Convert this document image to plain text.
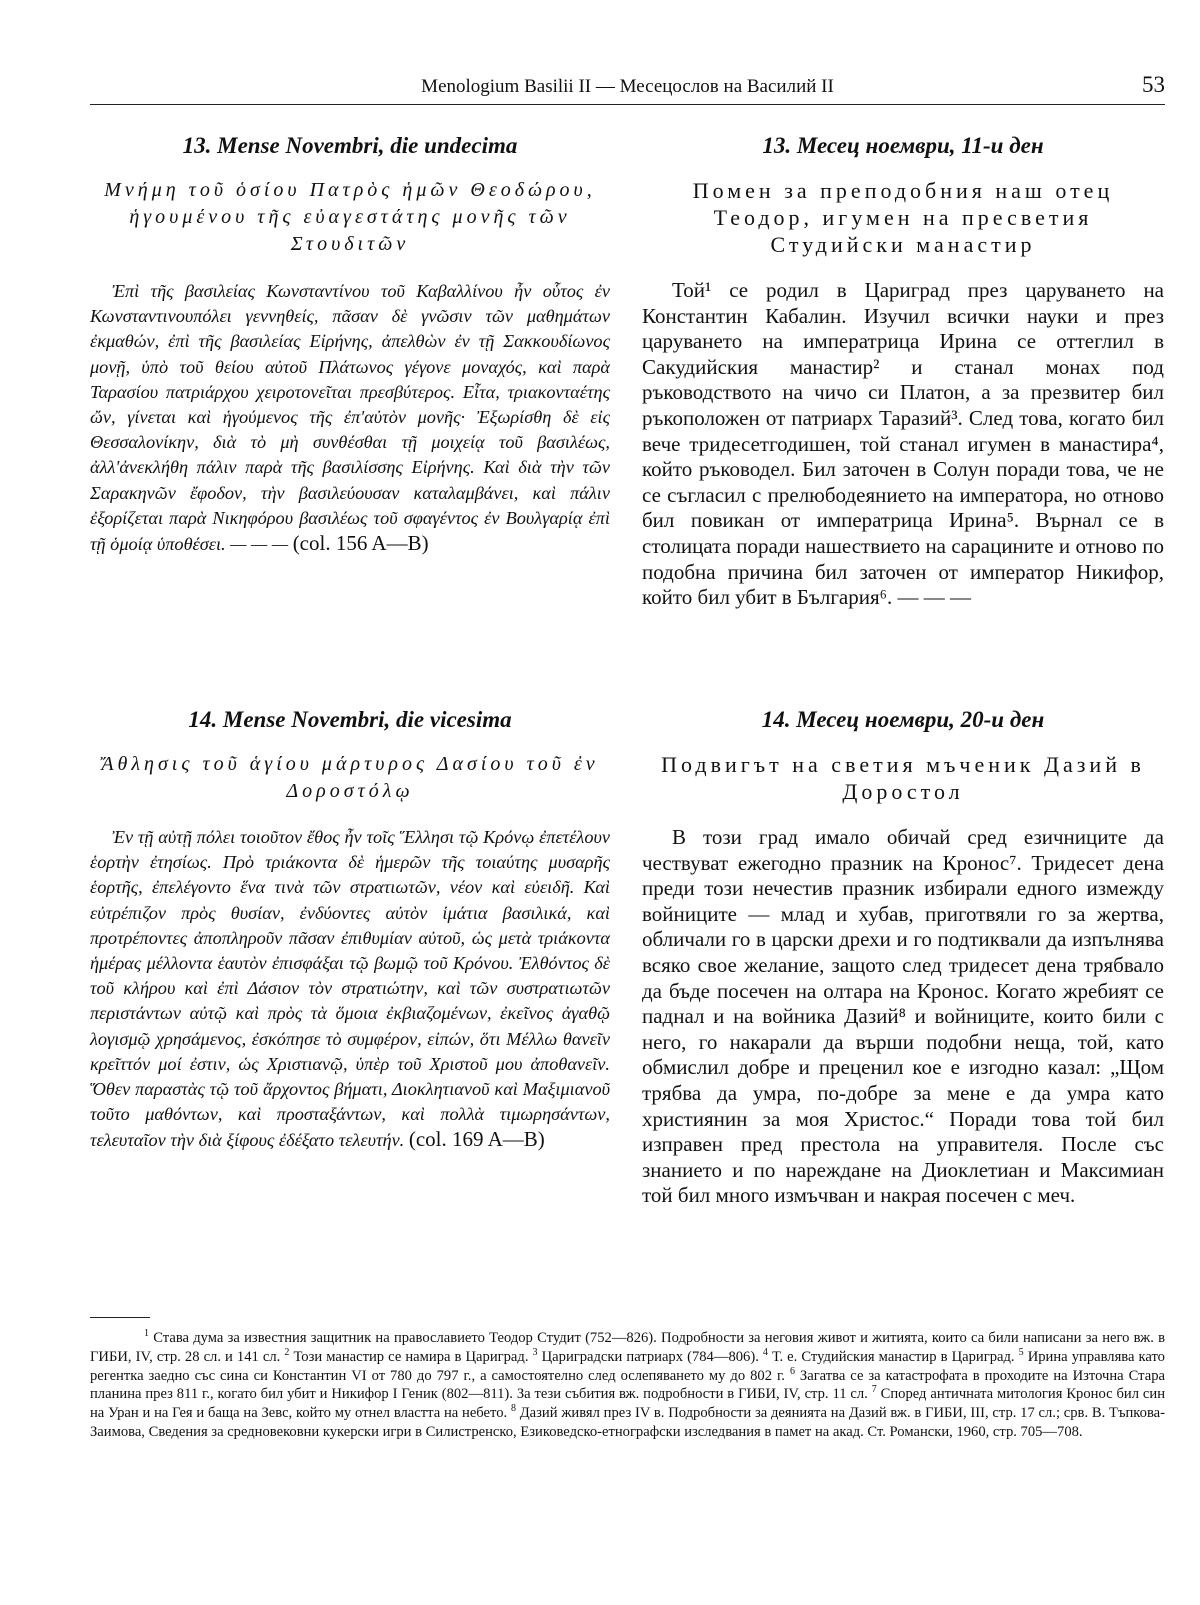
Menologium Basilii II — Месецослов на Василий II	53
13. Mense Novembri, die undecima

Μνήμη τοῦ ὁσίου Πατρὸς ἡμῶν Θεοδώρου, ἡγουμένου τῆς εὐαγεστάτης μονῆς τῶν Στουδιτῶν

Ἐπὶ τῆς βασιλείας Κωνσταντίνου τοῦ Καβαλλίνου ἦν οὗτος ἐν Κωνσταντινουπόλει γεννηθείς, πᾶσαν δὲ γνῶσιν τῶν μαθημάτων ἐκμαθών, ἐπὶ τῆς βασιλείας Εἰρήνης, ἀπελθὼν ἐν τῇ Σακκουδίωνος μονῇ, ὑπὸ τοῦ θείου αὐτοῦ Πλάτωνος γέγονε μοναχός, καὶ παρὰ Ταρασίου πατριάρχου χειροτονεῖται πρεσβύτερος. Εἶτα, τριακονταέτης ὤν, γίνεται καὶ ἡγούμενος τῆς ἐπ'αὐτὸν μονῆς· Ἐξωρίσθη δὲ εἰς Θεσσαλονίκην, διὰ τὸ μὴ συνθέσθαι τῇ μοιχείᾳ τοῦ βασιλέως, ἀλλ'ἀνεκλήθη πάλιν παρὰ τῆς βασιλίσσης Εἰρήνης. Καὶ διὰ τὴν τῶν Σαρακηνῶν ἔφοδον, τὴν βασιλεύουσαν καταλαμβάνει, καὶ πάλιν ἐξορίζεται παρὰ Νικηφόρου βασιλέως τοῦ σφαγέντος ἐν Βουλγαρίᾳ ἐπὶ τῇ ὁμοίᾳ ὑποθέσει. — — — (col. 156 A—B)

13. Месец ноември, 11-и ден

Помен за преподобния наш отец Теодор, игумен на пресветия Студийски манастир

Той¹ се родил в Цариград през царуването на Константин Кабалин. Изучил всички науки и през царуването на императрица Ирина се оттеглил в Сакудийския манастир² и станал монах под ръководството на чичо си Платон, а за презвитер бил ръкоположен от патриарх Таразий³. След това, когато бил вече тридесетгодишен, той станал игумен в манастира⁴, който ръководел. Бил заточен в Солун поради това, че не се съгласил с прелюбодеянието на императора, но отново бил повикан от императрица Ирина⁵. Върнал се в столицата поради нашествието на сарацините и отново по подобна причина бил заточен от император Никифор, който бил убит в България⁶. — — —

14. Mense Novembri, die vicesima

Ἄθλησις τοῦ ἁγίου μάρτυρος Δασίου τοῦ ἐν Δοροστόλῳ

Ἐν τῇ αὐτῇ πόλει τοιοῦτον ἔθος ἦν τοῖς Ἕλλησι τῷ Κρόνῳ ἐπετέλουν ἑορτὴν ἐτησίως. Πρὸ τριάκοντα δὲ ἡμερῶν τῆς τοιαύτης μυσαρῆς ἑορτῆς, ἐπελέγοντο ἕνα τινὰ τῶν στρατιωτῶν, νέον καὶ εὐειδῆ. Καὶ εὐτρέπιζον πρὸς θυσίαν, ἐνδύοντες αὐτὸν ἱμάτια βασιλικά, καὶ προτρέποντες ἀποπληροῦν πᾶσαν ἐπιθυμίαν αὐτοῦ, ὡς μετὰ τριάκοντα ἡμέρας μέλλοντα ἑαυτὸν ἐπισφάξαι τῷ βωμῷ τοῦ Κρόνου. Ἐλθόντος δὲ τοῦ κλήρου καὶ ἐπὶ Δάσιον τὸν στρατιώτην, καὶ τῶν συστρατιωτῶν περιστάντων αὐτῷ καὶ πρὸς τὰ ὅμοια ἐκβιαζομένων, ἐκεῖνος ἀγαθῷ λογισμῷ χρησάμενος, ἐσκόπησε τὸ συμφέρον, εἰπών, ὅτι Μέλλω θανεῖν κρεῖττόν μοί ἐστιν, ὡς Χριστιανῷ, ὑπὲρ τοῦ Χριστοῦ μου ἀποθανεῖν. Ὅθεν παραστὰς τῷ τοῦ ἄρχοντος βήματι, Διοκλητιανοῦ καὶ Μαξιμιανοῦ τοῦτο μαθόντων, καὶ προσταξάντων, καὶ πολλὰ τιμωρησάντων, τελευταῖον τὴν διὰ ξίφους ἐδέξατο τελευτήν. (col. 169 A—B)

14. Месец ноември, 20-и ден

Подвигът на светия мъченик Дазий в Доростол

В този град имало обичай сред езичниците да чествуват ежегодно празник на Кронос⁷. Тридесет дена преди този нечестив празник избирали едного измежду войниците — млад и хубав, приготвяли го за жертва, обличали го в царски дрехи и го подтиквали да изпълнява всяко свое желание, защото след тридесет дена трябвало да бъде посечен на олтара на Кронос. Когато жребият се паднал и на войника Дазий⁸ и войниците, които били с него, го накарали да върши подобни неща, той, като обмислил добре и преценил кое е изгодно казал: „Щом трябва да умра, по-добре за мене е да умра като християнин за моя Христос.“ Поради това той бил изправен пред престола на управителя. После със знанието и по нареждане на Диоклетиан и Максимиан той бил много измъчван и накрая посечен с меч.

$^1$ Става дума за известния защитник на православието Теодор Студит (752—826). Подробности за неговия живот и житията, които са били написани за него вж. в ГИБИ, IV, стр. 28 сл. и 141 сл. $^2$ Този манастир се намира в Цариград. $^3$ Цариградски патриарх (784—806). $^4$ Т. е. Студийския манастир в Цариград. $^5$ Ирина управлява като регентка заедно със сина си Константин VI от 780 до 797 г., а самостоятелно след ослепяването му до 802 г. $^6$ Загатва се за катастрофата в проходите на Източна Стара планина през 811 г., когато бил убит и Никифор I Геник (802—811). За тези събития вж. подробности в ГИБИ, IV, стр. 11 сл. $^7$ Според античната митология Кронос бил син на Уран и на Гея и баща на Зевс, който му отнел властта на небето. $^8$ Дазий живял през IV в. Подробности за деянията на Дазий вж. в ГИБИ, III, стр. 17 сл.; срв. В. Тъпкова-Заимова, Сведения за средновековни кукерски игри в Силистренско, Езиковедско-етнографски изследвания в памет на акад. Ст. Романски, 1960, стр. 705—708.
